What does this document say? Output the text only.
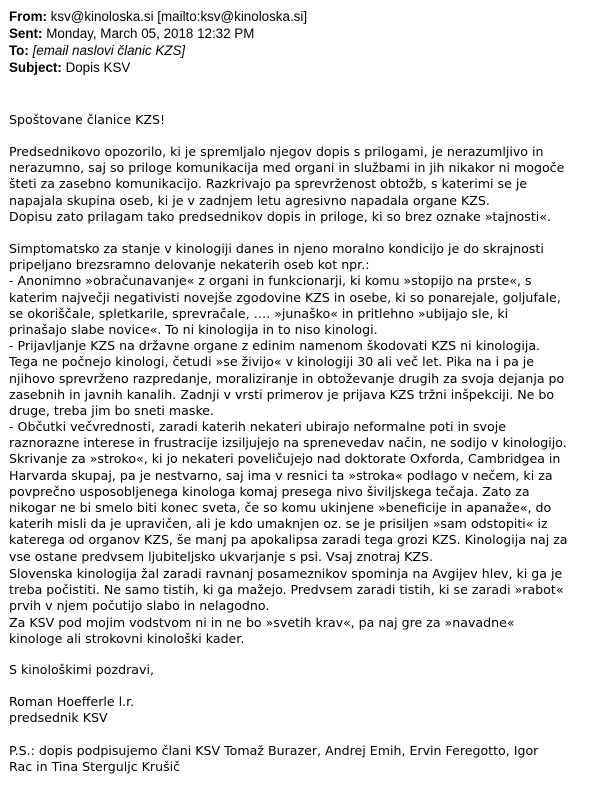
From: ksv@kinoloska.si [mailto:ksv@kinoloska.si]
Sent: Monday, March 05, 2018 12:32 PM
To: [email naslovi članic KZS]
Subject: Dopis KSV
Spoštovane članice KZS!
Predsednikovo opozorilo, ki je spremljalo njegov dopis s prilogami, je nerazumljivo in
nerazumno, saj so priloge komunikacija med organi in službami in jih nikakor ni mogoče
šteti za zasebno komunikacijo. Razkrivajo pa sprevrženost obtožb, s katerimi se je
napajala skupina oseb, ki je v zadnjem letu agresivno napadala organe KZS.
Dopisu zato prilagam tako predsednikov dopis in priloge, ki so brez oznake »tajnosti«.
Simptomatsko za stanje v kinologiji danes in njeno moralno kondicijo je do skrajnosti
pripeljano brezsramno delovanje nekaterih oseb kot npr.:
- Anonimno »obračunavanje« z organi in funkcionarji, ki komu »stopijo na prste«, s
katerim največji negativisti novejše zgodovine KZS in osebe, ki so ponarejale, goljufale,
se okoriščale, spletkarile, sprevračale, …. »junaško« in pritlehno »ubijajo sle, ki
prinašajo slabe novice«. To ni kinologija in to niso kinologi.
- Prijavljanje KZS na državne organe z edinim namenom škodovati KZS ni kinologija.
Tega ne počnejo kinologi, četudi »se živijo« v kinologiji 30 ali več let. Pika na i pa je
njihovo sprevrženo razpredanje, moraliziranje in obtoževanje drugih za svoja dejanja po
zasebnih in javnih kanalih. Zadnji v vrsti primerov je prijava KZS tržni inšpekciji. Ne bo
druge, treba jim bo sneti maske.
- Občutki večvrednosti, zaradi katerih nekateri ubirajo neformalne poti in svoje
raznorazne interese in frustracije izsiljujejo na sprenevedav način, ne sodijo v kinologijo.
Skrivanje za »stroko«, ki jo nekateri poveličujejo nad doktorate Oxforda, Cambridgea in
Harvarda skupaj, pa je nestvarno, saj ima v resnici ta »stroka« podlago v nečem, ki za
povprečno usposobljenega kinologa komaj presega nivo šiviljskega tečaja. Zato za
nikogar ne bi smelo biti konec sveta, če so komu ukinjene »beneficije in apanaže«, do
katerih misli da je upravičen, ali je kdo umaknjen oz. se je prisiljen »sam odstopiti« iz
katerega od organov KZS, še manj pa apokalipsa zaradi tega grozi KZS. Kinologija naj za
vse ostane predvsem ljubiteljsko ukvarjanje s psi. Vsaj znotraj KZS.
Slovenska kinologija žal zaradi ravnanj posameznikov spominja na Avgijev hlev, ki ga je
treba počistiti. Ne samo tistih, ki ga mažejo. Predvsem zaradi tistih, ki se zaradi »rabot«
prvih v njem počutijo slabo in nelagodno.
Za KSV pod mojim vodstvom ni in ne bo »svetih krav«, pa naj gre za »navadne«
kinologe ali strokovni kinološki kader.
S kinološkimi pozdravi,
Roman Hoefferle l.r.
predsednik KSV
P.S.: dopis podpisujemo člani KSV Tomaž Burazer, Andrej Emih, Ervin Feregotto, Igor
Rac in Tina Sterguljc Krušič
